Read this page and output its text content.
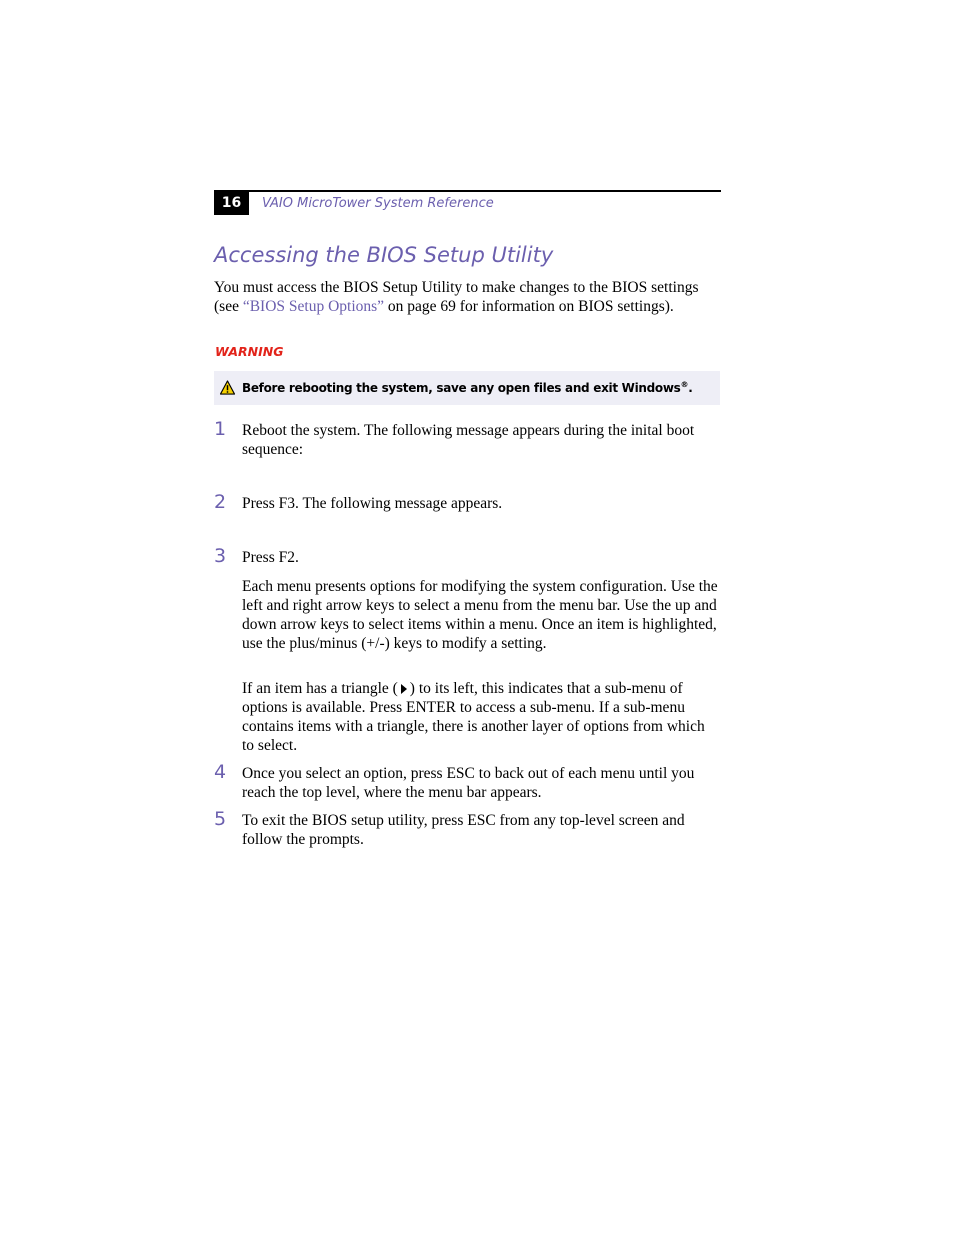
16	VAIO MicroTower System Reference
Accessing the BIOS Setup Utility

You must access the BIOS Setup Utility to make changes to the BIOS settings (see “BIOS Setup Options” on page 69 for information on BIOS settings).

WARNING
Before rebooting the system, save any open files and exit Windows®.
1 Reboot the system. The following message appears during the inital boot sequence:

2 Press F3. The following message appears.

3 Press F2.

Each menu presents options for modifying the system configuration. Use the left and right arrow keys to select a menu from the menu bar. Use the up and down arrow keys to select items within a menu. Once an item is highlighted, use the plus/minus (+/-) keys to modify a setting.

If an item has a triangle ( ) to its left, this indicates that a sub-menu of options is available. Press ENTER to access a sub-menu. If a sub-menu contains items with a triangle, there is another layer of options from which to select.

4 Once you select an option, press ESC to back out of each menu until you reach the top level, where the menu bar appears.

5 To exit the BIOS setup utility, press ESC from any top-level screen and follow the prompts.
